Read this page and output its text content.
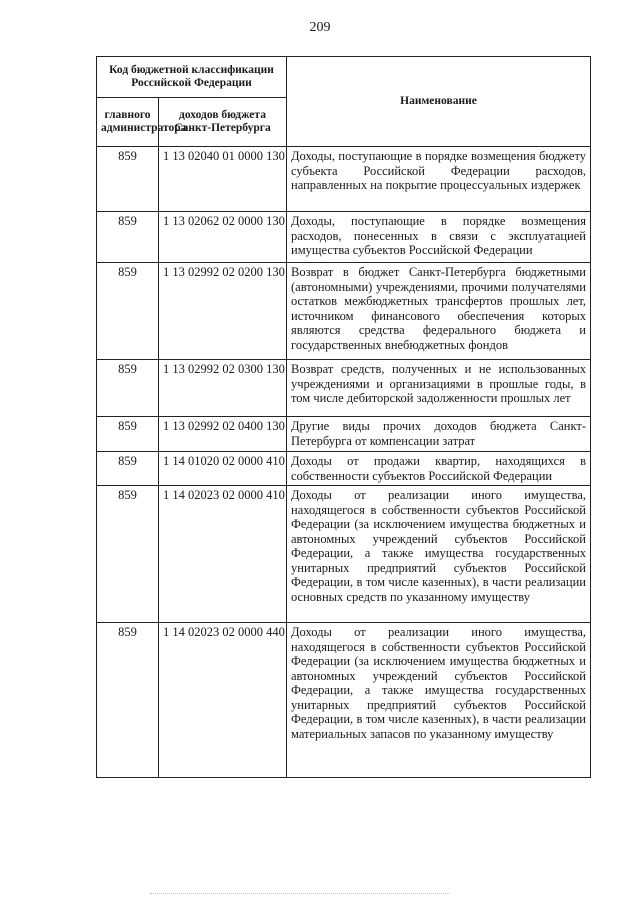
209
Код бюджетной классификации Российской Федерации		Наименование
главного администратора	доходов бюджета Санкт-Петербурга	
859	1 13 02040 01 0000 130	Доходы, поступающие в порядке возмещения бюджету субъекта Российской Федерации расходов, направленных на покрытие процессуальных издержек
859	1 13 02062 02 0000 130	Доходы, поступающие в порядке возмещения расходов, понесенных в связи с эксплуатацией имущества субъектов Российской Федерации
859	1 13 02992 02 0200 130	Возврат в бюджет Санкт-Петербурга бюджетными (автономными) учреждениями, прочими получателями остатков межбюджетных трансфертов прошлых лет, источником финансового обеспечения которых являются средства федерального бюджета и государственных внебюджетных фондов
859	1 13 02992 02 0300 130	Возврат средств, полученных и не использованных учреждениями и организациями в прошлые годы, в том числе дебиторской задолженности прошлых лет
859	1 13 02992 02 0400 130	Другие виды прочих доходов бюджета Санкт-Петербурга от компенсации затрат
859	1 14 01020 02 0000 410	Доходы от продажи квартир, находящихся в собственности субъектов Российской Федерации
859	1 14 02023 02 0000 410	Доходы от реализации иного имущества, находящегося в собственности субъектов Российской Федерации (за исключением имущества бюджетных и автономных учреждений субъектов Российской Федерации, а также имущества государственных унитарных предприятий субъектов Российской Федерации, в том числе казенных), в части реализации основных средств по указанному имуществу
859	1 14 02023 02 0000 440	Доходы от реализации иного имущества, находящегося в собственности субъектов Российской Федерации (за исключением имущества бюджетных и автономных учреждений субъектов Российской Федерации, а также имущества государственных унитарных предприятий субъектов Российской Федерации, в том числе казенных), в части реализации материальных запасов по указанному имуществу
